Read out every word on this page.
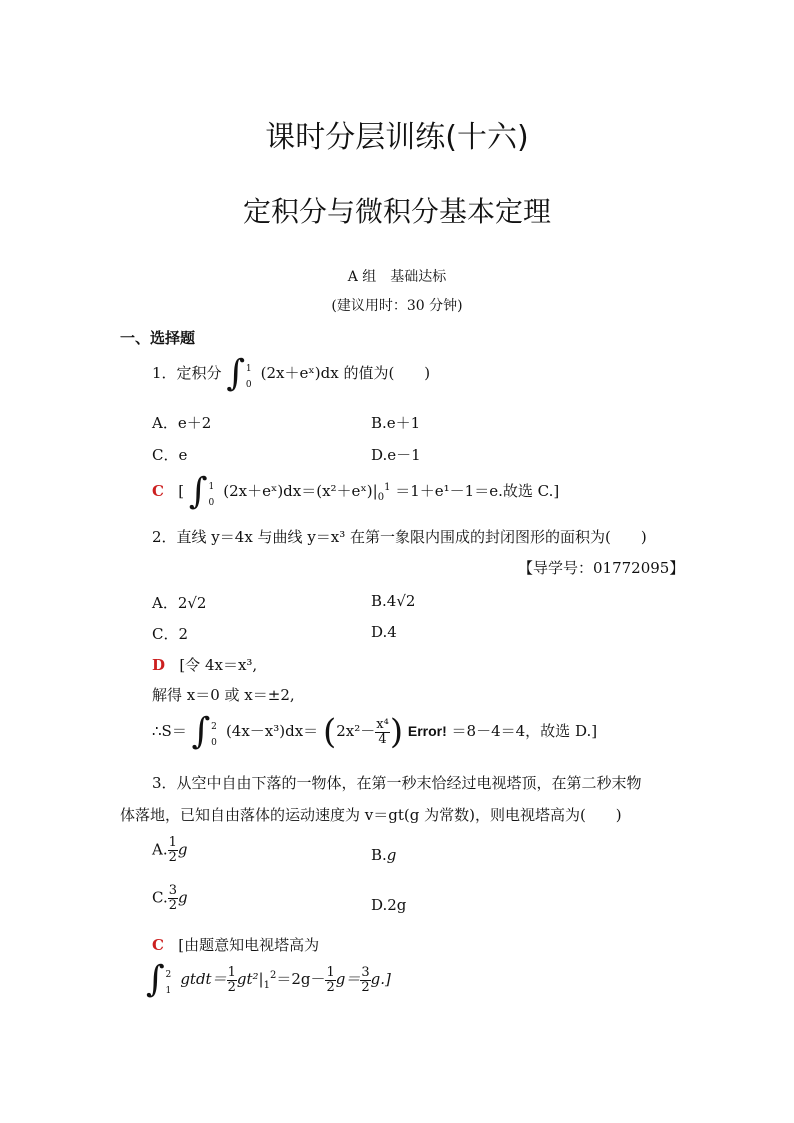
课时分层训练(十六)
定积分与微积分基本定理
A 组　基础达标
(建议用时：30 分钟)
一、选择题
1．定积分 ∫ 1
0
(2x＋eˣ)dx 的值为(　　)
A．e＋2	B.e＋1
C．e	D.e－1
C [ ∫ 1
0
$(2x+eˣ)dx=(x^2+eˣ)|_0^1 =1+e^1-1=e$.故选 C.]
2．直线 y＝4x 与曲线 y＝x³ 在第一象限内围成的封闭图形的面积为(　　)
【导学号：01772095】
A．2√2	B.4√2
C．2	D.4
D [令 4x＝x³,
解得 x＝0 或 x＝±2,
∴S＝ ∫ 2
0
$(4x-x^3)dx= (2x^2- \frac{\text{x⁴}}{4}$ ) Error! ＝8－4＝4，故选 D.]
3．从空中自由下落的一物体，在第一秒末恰经过电视塔顶，在第二秒末物
体落地，已知自由落体的运动速度为 v＝gt(g 为常数)，则电视塔高为(　　)
A. $\frac{1}{2}$ g	B.g
C. $\frac{3}{2}$ g	D.2g
C [由题意知电视塔高为
∫ 2
1
gtdt＝ $\frac{1}{2} gt^2|_1^2=2g- \frac{1}{2} g= \frac{3}{2} g$.]
